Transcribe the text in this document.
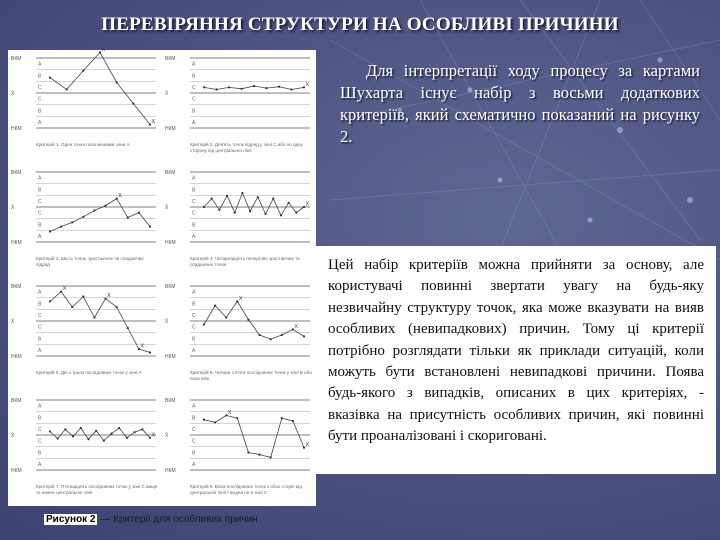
ПЕРЕВІРЯННЯ СТРУКТУРИ НА ОСОБЛИВІ ПРИЧИНИ
Для інтерпретації ходу процесу за картами Шухарта існує набір з восьми додаткових критеріїв, який схематично показаний на рисунку 2.
ВКМ
X̄
НКМ
A
B
C
C
B
A
X
X
Критерій 1. Одна точка поза межами зони А
ВКМ
X̄
НКМ
A
B
C
C
B
A
X
Критерій 2. Дев'ять точок підряд у зоні С або по одну сторону від центральної лінії
ВКМ
X̄
НКМ
A
B
C
C
B
A
X
Критерій 3. Шість точок, зростаючих чи спадаючих підряд
ВКМ
X̄
НКМ
A
B
C
C
B
A
X
Критерій 4. Чотирнадцять почергово зростаючих та спадаючих точок
ВКМ
X̄
НКМ
A
B
C
C
B
A
X
X
X
Критерій 5. Дві з трьох послідовних точок у зоні А
ВКМ
X̄
НКМ
A
B
C
C
B
A
X
X
Критерій 6. Чотири з п'яти послідовних точок у зоні В або поза нею
ВКМ
X̄
НКМ
A
B
C
C
B
A
X
Критерій 7. П'ятнадцять послідовних точок у зоні С вище та нижче центральної лінії
ВКМ
X̄
НКМ
A
B
C
C
B
A
X
X
Критерій 8. Вісім послідовних точок з обох сторін від центральної лінії і жодна не в зоні С
Рисунок 2 — Критерії для особливих причин

Цей набір критеріїв можна прийняти за основу, але користувачі повинні звертати увагу на будь-яку незвичайну структуру точок, яка може вказувати на вияв особливих (невипадкових) причин. Тому ці критерії потрібно розглядати тільки як приклади ситуацій, коли можуть бути встановлені невипадкові причини. Поява будь-якого з випадків, описаних в цих критеріях, - вказівка на присутність особливих причин, які повинні бути проаналізовані і скориговані.
